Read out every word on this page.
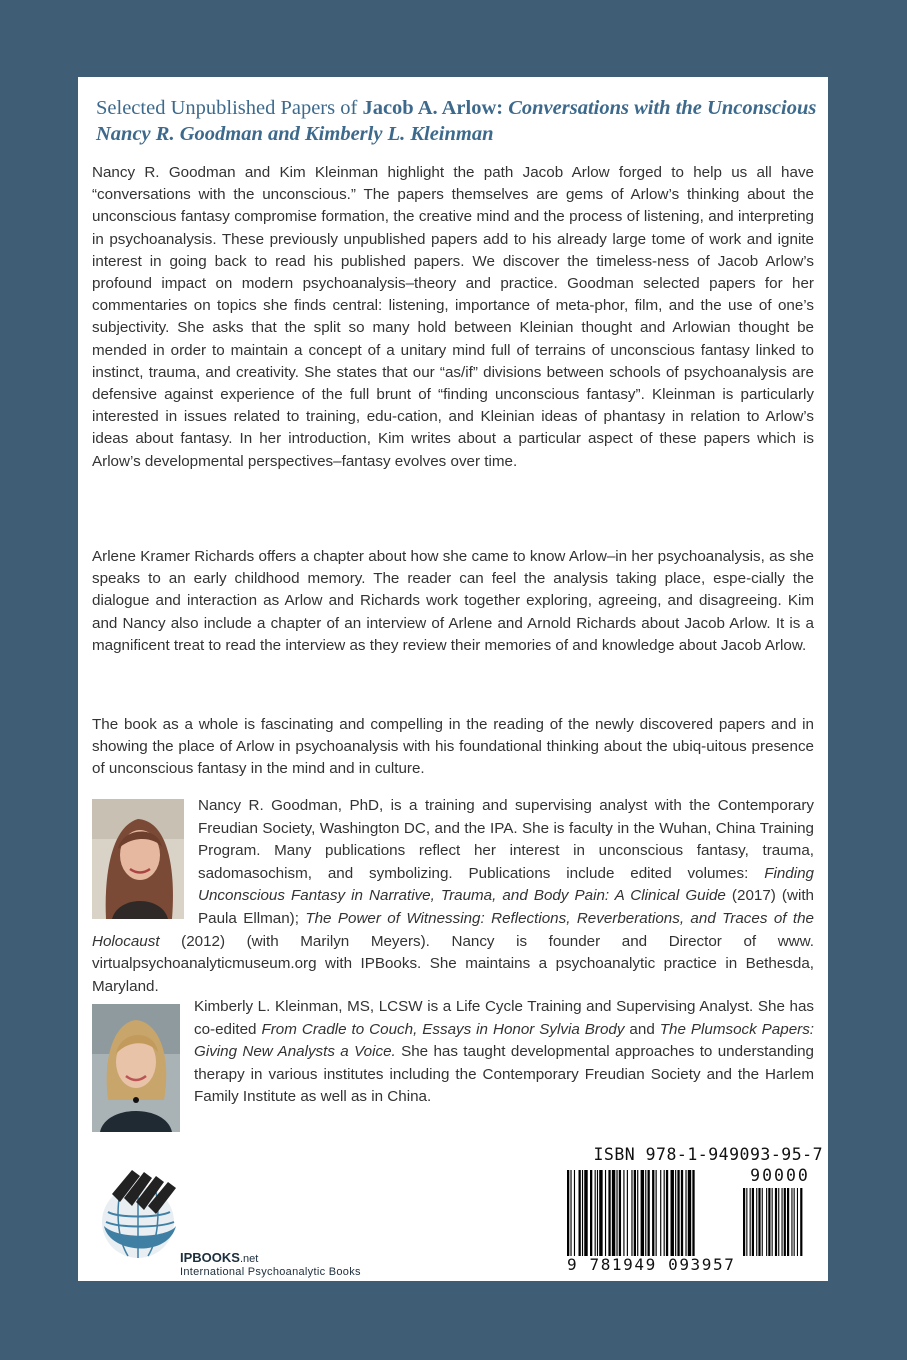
Selected Unpublished Papers of Jacob A. Arlow: Conversations with the Unconscious
Nancy R. Goodman and Kimberly L. Kleinman

Nancy R. Goodman and Kim Kleinman highlight the path Jacob Arlow forged to help us all have “conversations with the unconscious.” The papers themselves are gems of Arlow’s thinking about the unconscious fantasy compromise formation, the creative mind and the process of listening, and interpreting in psychoanalysis. These previously unpublished papers add to his already large tome of work and ignite interest in going back to read his published papers. We discover the timeless-ness of Jacob Arlow’s profound impact on modern psychoanalysis–theory and practice. Goodman selected papers for her commentaries on topics she finds central: listening, importance of meta-phor, film, and the use of one’s subjectivity. She asks that the split so many hold between Kleinian thought and Arlowian thought be mended in order to maintain a concept of a unitary mind full of terrains of unconscious fantasy linked to instinct, trauma, and creativity. She states that our “as/if” divisions between schools of psychoanalysis are defensive against experience of the full brunt of “finding unconscious fantasy”. Kleinman is particularly interested in issues related to training, edu-cation, and Kleinian ideas of phantasy in relation to Arlow’s ideas about fantasy. In her introduction, Kim writes about a particular aspect of these papers which is Arlow’s developmental perspectives–fantasy evolves over time.

Arlene Kramer Richards offers a chapter about how she came to know Arlow–in her psychoanalysis, as she speaks to an early childhood memory. The reader can feel the analysis taking place, espe-cially the dialogue and interaction as Arlow and Richards work together exploring, agreeing, and disagreeing. Kim and Nancy also include a chapter of an interview of Arlene and Arnold Richards about Jacob Arlow. It is a magnificent treat to read the interview as they review their memories of and knowledge about Jacob Arlow.

The book as a whole is fascinating and compelling in the reading of the newly discovered papers and in showing the place of Arlow in psychoanalysis with his foundational thinking about the ubiq-uitous presence of unconscious fantasy in the mind and in culture.

Nancy R. Goodman, PhD, is a training and supervising analyst with the Contemporary Freudian Society, Washington DC, and the IPA. She is faculty in the Wuhan, China Training Program. Many publications reflect her interest in unconscious fantasy, trauma, sadomasochism, and symbolizing. Publications include edited volumes: Finding Unconscious Fantasy in Narrative, Trauma, and Body Pain: A Clinical Guide (2017) (with Paula Ellman); The Power of Witnessing: Reflections, Reverberations, and Traces of the Holocaust (2012) (with Marilyn Meyers). Nancy is founder and Director of www. virtualpsychoanalyticmuseum.org with IPBooks. She maintains a psychoanalytic practice in Bethesda, Maryland.
Kimberly L. Kleinman, MS, LCSW is a Life Cycle Training and Supervising Analyst. She has co-edited From Cradle to Couch, Essays in Honor Sylvia Brody and The Plumsock Papers: Giving New Analysts a Voice. She has taught developmental approaches to understanding therapy in various institutes including the Contemporary Freudian Society and the Harlem Family Institute as well as in China.
IPBOOKS.net
International Psychoanalytic Books
ISBN 978-1-949093-95-7
90000
9 781949 093957
